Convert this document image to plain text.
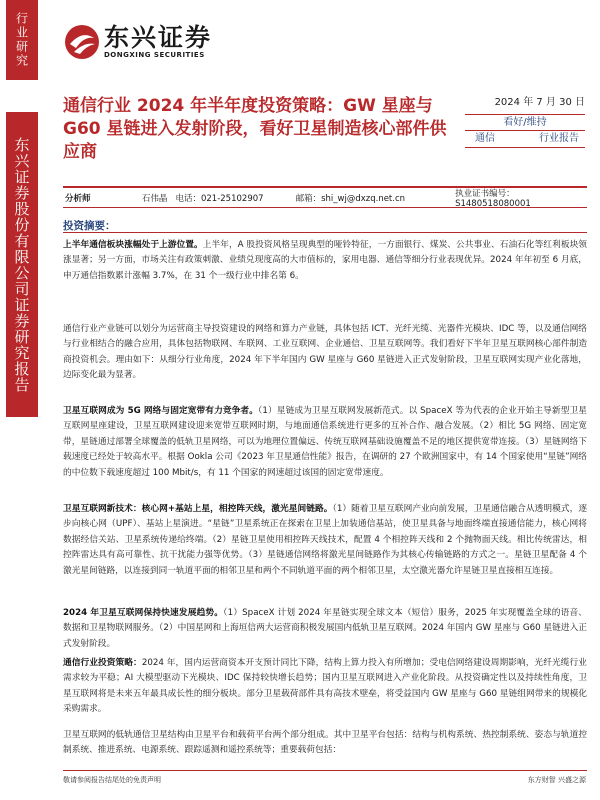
行业研究
东兴证券股份有限公司证券研究报告
东兴证券
DONGXING SECURITIES
通信行业 2024 年半年度投资策略：GW 星座与 G60 星链进入发射阶段，看好卫星制造核心部件供应商
2024 年 7 月 30 日
看好/维持
通信	行业报告
分析师	石伟晶 电话：021-25102907	邮箱：shi_wj@dxzq.net.cn	执业证书编号：S1480518080001
投资摘要：
上半年通信板块涨幅处于上游位置。上半年，A 股投资风格呈现典型的哑铃特征，一方面银行、煤炭、公共事业、石油石化等红利板块领涨显著；另一方面，市场关注有政策刺激、业绩兑现度高的大市值标的，家用电器、通信等细分行业表现优异。2024 年年初至 6 月底，申万通信指数累计涨幅 3.7%，在 31 个一级行业中排名第 6。
通信行业产业链可以划分为运营商主导投资建设的网络和算力产业链，具体包括 ICT、光纤光缆、光器件光模块、IDC 等，以及通信网络与行业相结合的融合应用，具体包括物联网、车联网、工业互联网、企业通信、卫星互联网等。我们看好下半年卫星互联网核心部件制造商投资机会。理由如下：从细分行业角度，2024 年下半年国内 GW 星座与 G60 星链进入正式发射阶段，卫星互联网实现产业化落地，边际变化最为显著。
卫星互联网成为 5G 网络与固定宽带有力竞争者。（1）星链成为卫星互联网发展新范式。以 SpaceX 等为代表的企业开始主导新型卫星互联网星座建设，卫星互联网建设迎来宽带互联网时期，与地面通信系统进行更多的互补合作、融合发展。（2）相比 5G 网络、固定宽带，星链通过部署全球覆盖的低轨卫星网络，可以为地理位置偏远、传统互联网基础设施覆盖不足的地区提供宽带连接。（3）星链网络下载速度已经处于较高水平。根据 Ookla 公司《2023 年卫星通信性能》报告，在调研的 27 个欧洲国家中，有 14 个国家使用“星链”网络的中位数下载速度超过 100 Mbit/s，有 11 个国家的网速超过该国的固定宽带速度。
卫星互联网新技术：核心网+基站上星，相控阵天线，激光星间链路。（1）随着卫星互联网产业向前发展，卫星通信融合从透明模式，逐步向核心网（UPF）、基站上星演进。“星链”卫星系统正在探索在卫星上加装通信基站，使卫星具备与地面终端直接通信能力，核心网将数据经信关站、卫星系统传递给终端。（2）星链卫星使用相控阵天线技术，配置 4 个相控阵天线和 2 个抛物面天线。相比传统雷达，相控阵雷达具有高可靠性、抗干扰能力强等优势。（3）星链通信网络将激光星间链路作为其核心传输链路的方式之一。星链卫星配备 4 个激光星间链路，以连接到同一轨道平面的相邻卫星和两个不同轨道平面的两个相邻卫星，太空激光器允许星链卫星直接相互连接。
2024 年卫星互联网保持快速发展趋势。（1）SpaceX 计划 2024 年星链实现全球文本（短信）服务，2025 年实现覆盖全球的语音、数据和卫星物联网服务。（2）中国星网和上海垣信两大运营商积极发展国内低轨卫星互联网。2024 年国内 GW 星座与 G60 星链进入正式发射阶段。
通信行业投资策略：2024 年，国内运营商资本开支预计同比下降，结构上算力投入有所增加；受电信网络建设周期影响，光纤光缆行业需求较为平稳；AI 大模型驱动下光模块、IDC 保持较快增长趋势；国内卫星互联网进入产业化阶段。从投资确定性以及持续性角度，卫星互联网将是未来五年最具成长性的细分板块。部分卫星载荷部件具有高技术壁垒，将受益国内 GW 星座与 G60 星链组网带来的规模化采购需求。
卫星互联网的低轨通信卫星结构由卫星平台和载荷平台两个部分组成。其中卫星平台包括：结构与机构系统、热控制系统、姿态与轨道控制系统、推进系统、电源系统、跟踪遥测和遥控系统等；重要载荷包括：
敬请参阅报告结尾处的免责声明	东方财智 兴盛之源
